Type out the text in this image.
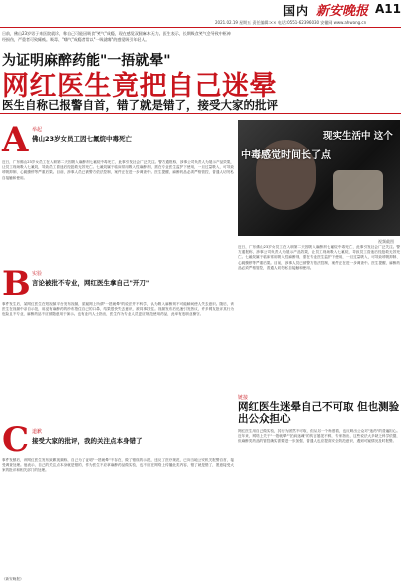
国内 新安晚报 A11
2021.02.19 星期五 责任编辑:×× 电话:0551-62396030 安徽网 www.ahwang.cn
日前，佛山23岁男子来医院就诊，称自己可能因吸食"笑气"成瘾，现在感觉双腿麻木无力。医生表示，长期吸食笑气会导致中枢神经损伤，严重者可致瘫痪。吸毒、"嗨气"成瘾者常以"一吸就嗨"的感觉吸引年轻人。
为证明麻醉药能"一捂就晕"
网红医生竟把自己迷晕
医生自称已报警自首，错了就是错了，接受大家的批评
A 举起
佛山23岁女员工因七氟烷中毒死亡
近日，广东佛山23岁女员工在入职第二天因吸入麻醉剂七氟烷中毒死亡，此事引发社会广泛关注。警方通报称，涉事公司负责人为展示产品效果，让员工现场吸入七氟烷，导致员工昏迷后经抢救无效死亡。七氟烷属于临床常用吸入性麻醉剂，需在专业医生监护下使用，一旦过量吸入，可导致呼吸抑制、心跳骤停等严重后果。目前，涉事人员已被警方依法控制，案件正在进一步调查中。医生提醒，麻醉药品必须严格管控，普通人切勿私自接触和使用。
中毒感觉时间长了点
现实生活中 这个
视频截图
B 实验
言论被批不专业，网红医生拿自己"开刀"
事件发生后，某网红医生在短视频平台发布视频，质疑网上所谓"一捂就晕"的说法并不科学，认为吸入麻醉剂不可能瞬间使人失去意识。随后，该医生在视频中亲自示范，用浸有麻醉药的纱布捂住自己的口鼻，结果很快失去意识，被同事扶住。视频发布后迅速引发热议，许多网友批评其行为危险且不专业，麻醉药品不应被随意用于演示。也有业内人士指出，医生作为专业人员更应规范使用药品，此举有违职业操守。
C 道歉
接受大家的批评，我的关注点本身错了
事件发酵后，该网红医生发布致歉视频称，自己为了证明"一捂就晕"不存在，做了错误的示范，违反了医疗规范，已向当地公安机关报警自首，接受调查处理。他表示，自己的关注点本身就是错的，作为医生不应拿麻醉药品做实验，也不应在网络上传播此类内容，错了就是错了，愿意接受大家的批评和相关部门的处理。
近日，广东佛山23岁女员工在入职第二天因吸入麻醉剂七氟烷中毒死亡，此事引发社会广泛关注。警方通报称，涉事公司负责人为展示产品效果，让员工现场吸入七氟烷，导致员工昏迷后经抢救无效死亡。七氟烷属于临床常用吸入性麻醉剂，需在专业医生监护下使用，一旦过量吸入，可导致呼吸抑制、心跳骤停等严重后果。目前，涉事人员已被警方依法控制，案件正在进一步调查中。医生提醒，麻醉药品必须严格管控，普通人切勿私自接触和使用。
链接
网红医生迷晕自己不可取 但也测验出公众担心
网红医生用自己做实验，其行为固然不可取，但从另一个角度看，也反映出公众对"迷药"的普遍担心。近年来，网络上关于"一捂就晕""拍肩迷魂"的传言屡见不鲜，专家指出，这些说法大多缺乏科学依据，但麻醉类药品的管控确实需要进一步加强，普通人也应提高安全防范意识，遇到可疑情况及时报警。
《新安晚报》
